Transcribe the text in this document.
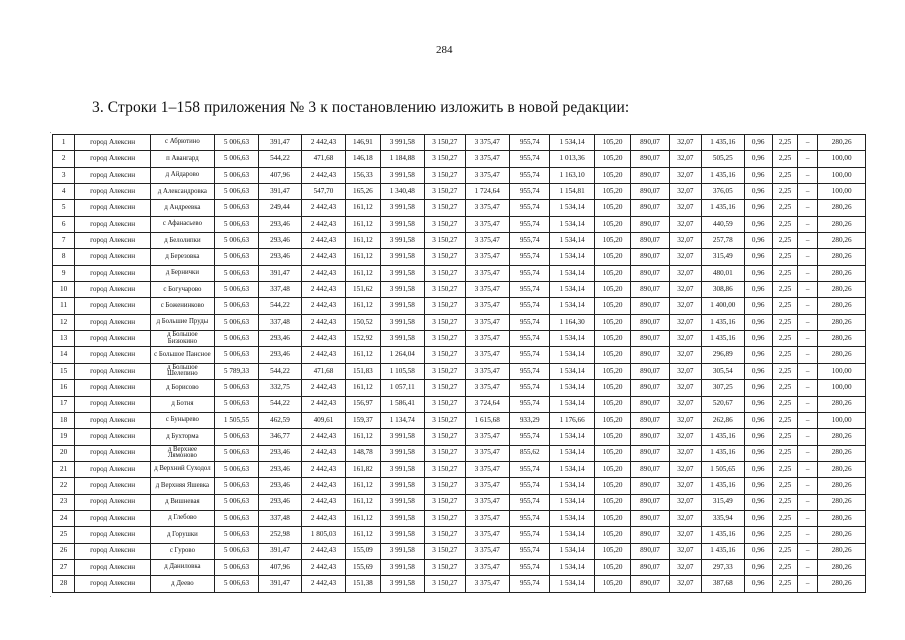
284
3. Строки 1–158 приложения № 3 к постановлению изложить в новой редакции:
1	город Алексин	с Абрютино	5 006,63	391,47	2 442,43	146,91	3 991,58	3 150,27	3 375,47	955,74	1 534,14	105,20	890,07	32,07	1 435,16	0,96	2,25	–	280,26
2	город Алексин	п Авангард	5 006,63	544,22	471,68	146,18	1 184,88	3 150,27	3 375,47	955,74	1 013,36	105,20	890,07	32,07	505,25	0,96	2,25	–	100,00
3	город Алексин	д Айдарово	5 006,63	407,96	2 442,43	156,33	3 991,58	3 150,27	3 375,47	955,74	1 163,10	105,20	890,07	32,07	1 435,16	0,96	2,25	–	100,00
4	город Алексин	д Александровка	5 006,63	391,47	547,70	165,26	1 340,48	3 150,27	1 724,64	955,74	1 154,81	105,20	890,07	32,07	376,05	0,96	2,25	–	100,00
5	город Алексин	д Андреевка	5 006,63	249,44	2 442,43	161,12	3 991,58	3 150,27	3 375,47	955,74	1 534,14	105,20	890,07	32,07	1 435,16	0,96	2,25	–	280,26
6	город Алексин	с Афанасьево	5 006,63	293,46	2 442,43	161,12	3 991,58	3 150,27	3 375,47	955,74	1 534,14	105,20	890,07	32,07	440,59	0,96	2,25	–	280,26
7	город Алексин	д Белолипки	5 006,63	293,46	2 442,43	161,12	3 991,58	3 150,27	3 375,47	955,74	1 534,14	105,20	890,07	32,07	257,78	0,96	2,25	–	280,26
8	город Алексин	д Березовка	5 006,63	293,46	2 442,43	161,12	3 991,58	3 150,27	3 375,47	955,74	1 534,14	105,20	890,07	32,07	315,49	0,96	2,25	–	280,26
9	город Алексин	д Бернички	5 006,63	391,47	2 442,43	161,12	3 991,58	3 150,27	3 375,47	955,74	1 534,14	105,20	890,07	32,07	480,01	0,96	2,25	–	280,26
10	город Алексин	с Богучарово	5 006,63	337,48	2 442,43	151,62	3 991,58	3 150,27	3 375,47	955,74	1 534,14	105,20	890,07	32,07	308,86	0,96	2,25	–	280,26
11	город Алексин	с Боженинково	5 006,63	544,22	2 442,43	161,12	3 991,58	3 150,27	3 375,47	955,74	1 534,14	105,20	890,07	32,07	1 400,00	0,96	2,25	–	280,26
12	город Алексин	д Большие Пруды	5 006,63	337,48	2 442,43	150,52	3 991,58	3 150,27	3 375,47	955,74	1 164,30	105,20	890,07	32,07	1 435,16	0,96	2,25	–	280,26
13	город Алексин	д Большое Бизюкино	5 006,63	293,46	2 442,43	152,92	3 991,58	3 150,27	3 375,47	955,74	1 534,14	105,20	890,07	32,07	1 435,16	0,96	2,25	–	280,26
14	город Алексин	с Большое Пансное	5 006,63	293,46	2 442,43	161,12	1 264,04	3 150,27	3 375,47	955,74	1 534,14	105,20	890,07	32,07	296,89	0,96	2,25	–	280,26
15	город Алексин	д Большое Шелепино	5 789,33	544,22	471,68	151,83	1 105,58	3 150,27	3 375,47	955,74	1 534,14	105,20	890,07	32,07	305,54	0,96	2,25	–	100,00
16	город Алексин	д Борисово	5 006,63	332,75	2 442,43	161,12	1 057,11	3 150,27	3 375,47	955,74	1 534,14	105,20	890,07	32,07	307,25	0,96	2,25	–	100,00
17	город Алексин	д Ботня	5 006,63	544,22	2 442,43	156,97	1 586,41	3 150,27	3 724,64	955,74	1 534,14	105,20	890,07	32,07	520,67	0,96	2,25	–	280,26
18	город Алексин	с Бунырево	1 505,55	462,59	409,61	159,37	1 134,74	3 150,27	1 615,68	933,29	1 176,66	105,20	890,07	32,07	262,86	0,96	2,25	–	100,00
19	город Алексин	д Бухторма	5 006,63	346,77	2 442,43	161,12	3 991,58	3 150,27	3 375,47	955,74	1 534,14	105,20	890,07	32,07	1 435,16	0,96	2,25	–	280,26
20	город Алексин	д Верхнее Лямоново	5 006,63	293,46	2 442,43	148,78	3 991,58	3 150,27	3 375,47	855,62	1 534,14	105,20	890,07	32,07	1 435,16	0,96	2,25	–	280,26
21	город Алексин	д Верхний Суходол	5 006,63	293,46	2 442,43	161,82	3 991,58	3 150,27	3 375,47	955,74	1 534,14	105,20	890,07	32,07	1 505,65	0,96	2,25	–	280,26
22	город Алексин	д Верхняя Яшевка	5 006,63	293,46	2 442,43	161,12	3 991,58	3 150,27	3 375,47	955,74	1 534,14	105,20	890,07	32,07	1 435,16	0,96	2,25	–	280,26
23	город Алексин	д Вишневая	5 006,63	293,46	2 442,43	161,12	3 991,58	3 150,27	3 375,47	955,74	1 534,14	105,20	890,07	32,07	315,49	0,96	2,25	–	280,26
24	город Алексин	д Глебово	5 006,63	337,48	2 442,43	161,12	3 991,58	3 150,27	3 375,47	955,74	1 534,14	105,20	890,07	32,07	335,94	0,96	2,25	–	280,26
25	город Алексин	д Горушки	5 006,63	252,98	1 805,03	161,12	3 991,58	3 150,27	3 375,47	955,74	1 534,14	105,20	890,07	32,07	1 435,16	0,96	2,25	–	280,26
26	город Алексин	с Гурово	5 006,63	391,47	2 442,43	155,09	3 991,58	3 150,27	3 375,47	955,74	1 534,14	105,20	890,07	32,07	1 435,16	0,96	2,25	–	280,26
27	город Алексин	д Даниловка	5 006,63	407,96	2 442,43	155,69	3 991,58	3 150,27	3 375,47	955,74	1 534,14	105,20	890,07	32,07	297,33	0,96	2,25	–	280,26
28	город Алексин	д Деево	5 006,63	391,47	2 442,43	151,38	3 991,58	3 150,27	3 375,47	955,74	1 534,14	105,20	890,07	32,07	387,68	0,96	2,25	–	280,26
